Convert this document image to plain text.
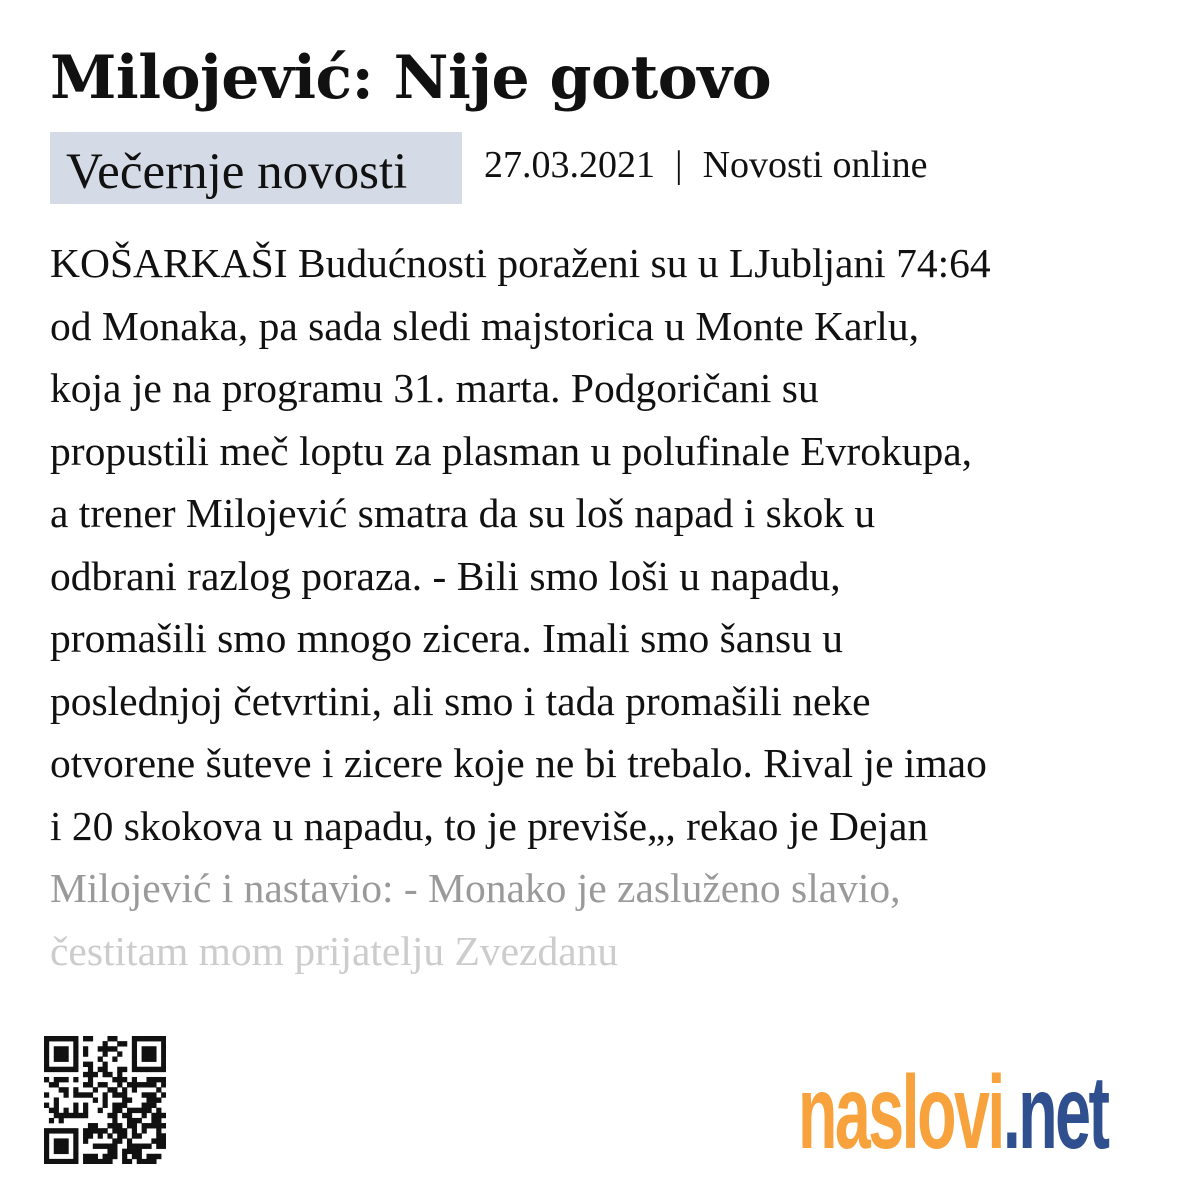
Milojević: Nije gotovo
Večernje novosti	27.03.2021 | Novosti online
KOŠARKAŠI Budućnosti poraženi su u LJubljani 74:64
od Monaka, pa sada sledi majstorica u Monte Karlu,
koja je na programu 31. marta. Podgoričani su
propustili meč loptu za plasman u polufinale Evrokupa,
a trener Milojević smatra da su loš napad i skok u
odbrani razlog poraza. - Bili smo loši u napadu,
promašili smo mnogo zicera. Imali smo šansu u
poslednjoj četvrtini, ali smo i tada promašili neke
otvorene šuteve i zicere koje ne bi trebalo. Rival je imao
i 20 skokova u napadu, to je previše„, rekao je Dejan
Milojević i nastavio: - Monako je zasluženo slavio,
čestitam mom prijatelju Zvezdanu
naslovi.net
